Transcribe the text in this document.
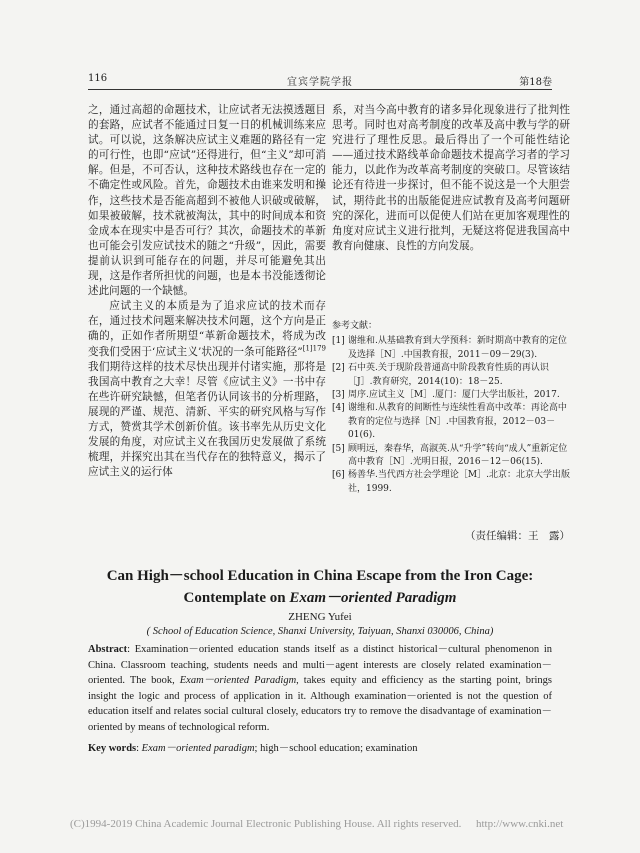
116	宜宾学院学报	第18卷

之，通过高超的命题技术，让应试者无法摸透题目的套路，应试者不能通过日复一日的机械训练来应试。可以说，这条解决应试主义难题的路径有一定的可行性，也即“应试”还得进行，但“主义”却可消解。但是，不可否认，这种技术路线也存在一定的不确定性或风险。首先，命题技术由谁来发明和操作，这些技术是否能高超到不被他人识破或破解，如果被破解，技术就被淘汰，其中的时间成本和资金成本在现实中是否可行？其次，命题技术的革新也可能会引发应试技术的随之“升级”，因此，需要提前认识到可能存在的问题，并尽可能避免其出现，这是作者所担忧的问题，也是本书没能透彻论述此问题的一个缺憾。

应试主义的本质是为了追求应试的技术而存在，通过技术问题来解决技术问题，这个方向是正确的，正如作者所期望“革新命题技术，将成为改变我们受困于‘应试主义’状况的一条可能路径”$^{[1]179}$我们期待这样的技术尽快出现并付诸实施，那将是我国高中教育之大幸！尽管《应试主义》一书中存在些许研究缺憾，但笔者仍认同该书的分析理路，展现的严谨、规范、清新、平实的研究风格与写作方式，赞赏其学术创新价值。该书率先从历史文化发展的角度，对应试主义在我国历史发展做了系统梳理，并探究出其在当代存在的独特意义，揭示了应试主义的运行体

系，对当今高中教育的诸多异化现象进行了批判性思考。同时也对高考制度的改革及高中教与学的研究进行了理性反思。最后得出了一个可能性结论——通过技术路线革命命题技术提高学习者的学习能力，以此作为改革高考制度的突破口。尽管该结论还有待进一步探讨，但不能不说这是一个大胆尝试，期待此书的出版能促进应试教育及高考问题研究的深化，进而可以促使人们站在更加客观理性的角度对应试主义进行批判，无疑这将促进我国高中教育向健康、良性的方向发展。

参考文献：
[1] 谢维和.从基础教育到大学预科：新时期高中教育的定位及选择［N］.中国教育报，2011－09－29(3).
[2] 石中英.关于现阶段普通高中阶段教育性质的再认识［J］.教育研究，2014(10)：18－25.
[3] 周序.应试主义［M］.厦门：厦门大学出版社，2017.
[4] 谢维和.从教育的间断性与连续性看高中改革：再论高中教育的定位与选择［N］.中国教育报，2012－03－01(6).
[5] 顾明远，秦春华，高淑英.从“升学”转向“成人”重新定位高中教育［N］.光明日报，2016－12－06(15).
[6] 杨善华.当代西方社会学理论［M］.北京：北京大学出版社，1999.
（责任编辑：王　露）
Can High－school Education in China Escape from the Iron Cage:
Contemplate on Exam－oriented Paradigm
ZHENG Yufei
( School of Education Science, Shanxi University, Taiyuan, Shanxi 030006, China)
Abstract: Examination－oriented education stands itself as a distinct historical－cultural phenomenon in China. Classroom teaching, students needs and multi－agent interests are closely related examination－oriented. The book, Exam－oriented Paradigm, takes equity and efficiency as the starting point, brings insight the logic and process of application in it. Although examination－oriented is not the question of education itself and relates social cultural closely, educators try to remove the disadvantage of examination－oriented by means of technological reform.
Key words: Exam－oriented paradigm; high－school education; examination
(C)1994-2019 China Academic Journal Electronic Publishing House. All rights reserved. http://www.cnki.net
